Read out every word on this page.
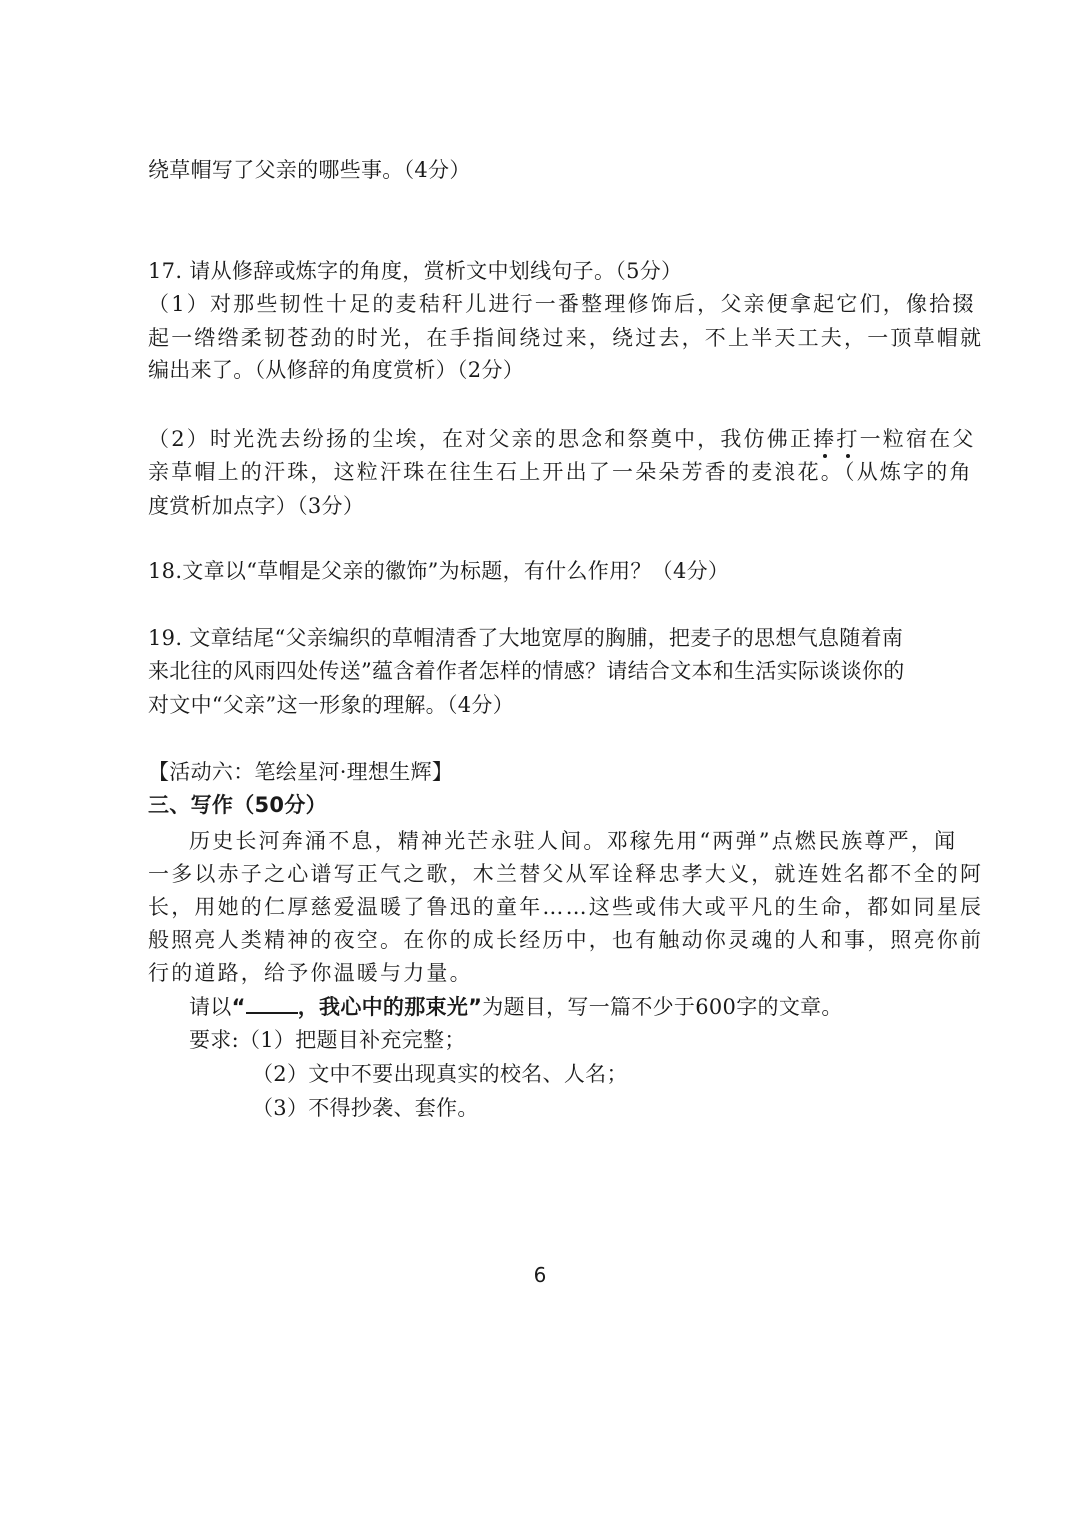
绕草帽写了父亲的哪些事。（4分）
17. 请从修辞或炼字的角度，赏析文中划线句子。（5分）
（1）对那些韧性十足的麦秸秆儿进行一番整理修饰后，父亲便拿起它们，像拾掇
起一绺绺柔韧苍劲的时光，在手指间绕过来，绕过去，不上半天工夫，一顶草帽就
编出来了。（从修辞的角度赏析）（2分）
（2）时光洗去纷扬的尘埃，在对父亲的思念和祭奠中，我仿佛正捧打一粒宿在父
亲草帽上的汗珠，这粒汗珠在往生石上开出了一朵朵芳香的麦浪花。（从炼字的角
度赏析加点字）（3分）
18.文章以“草帽是父亲的徽饰”为标题，有什么作用？（4分）
19. 文章结尾“父亲编织的草帽清香了大地宽厚的胸脯，把麦子的思想气息随着南
来北往的风雨四处传送”蕴含着作者怎样的情感？请结合文本和生活实际谈谈你的
对文中“父亲”这一形象的理解。（4分）
【活动六：笔绘星河·理想生辉】
三、写作（50分）
历史长河奔涌不息，精神光芒永驻人间。邓稼先用“两弹”点燃民族尊严，闻
一多以赤子之心谱写正气之歌，木兰替父从军诠释忠孝大义，就连姓名都不全的阿
长，用她的仁厚慈爱温暖了鲁迅的童年……这些或伟大或平凡的生命，都如同星辰
般照亮人类精神的夜空。在你的成长经历中，也有触动你灵魂的人和事，照亮你前
行的道路，给予你温暖与力量。
请以“ ，我心中的那束光”为题目，写一篇不少于600字的文章。
要求:（1）把题目补充完整；
（2）文中不要出现真实的校名、人名；
（3）不得抄袭、套作。
6
